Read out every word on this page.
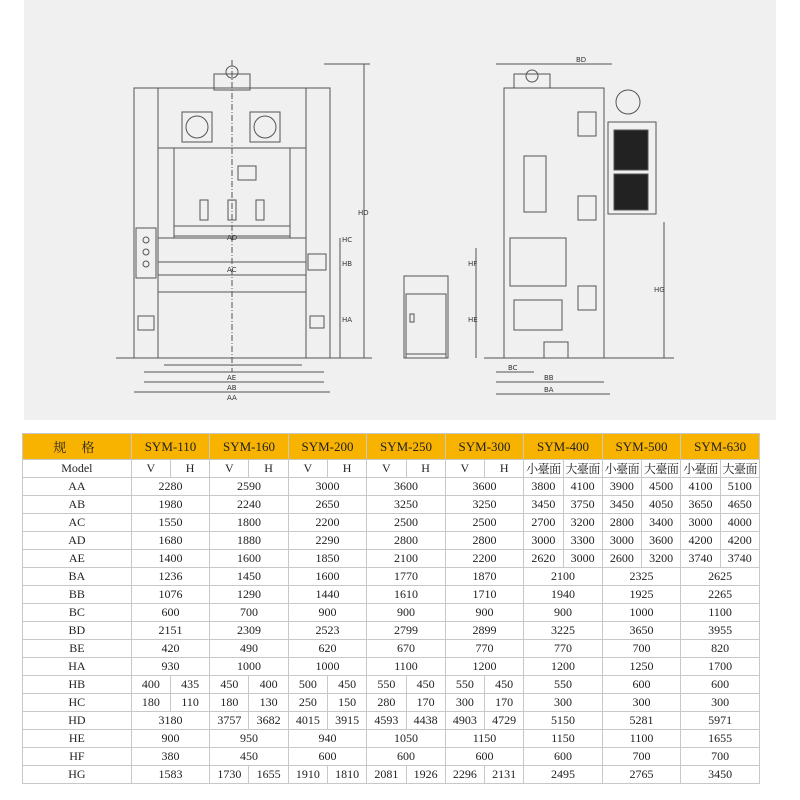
AA
AB
AE
AC
AD
HD
HC
HB
HA
BD
BC
BB
BA
HF
HE
HG
规 格	SYM-110		SYM-160		SYM-200		SYM-250		SYM-300		SYM-400		SYM-500		SYM-630	
Model	V	H	V	H	V	H	V	H	V	H	小臺面	大臺面	小臺面	大臺面	小臺面	大臺面
AA	2280		2590		3000		3600		3600		3800	4100	3900	4500	4100	5100
AB	1980		2240		2650		3250		3250		3450	3750	3450	4050	3650	4650
AC	1550		1800		2200		2500		2500		2700	3200	2800	3400	3000	4000
AD	1680		1880		2290		2800		2800		3000	3300	3000	3600	4200	4200
AE	1400		1600		1850		2100		2200		2620	3000	2600	3200	3740	3740
BA	1236		1450		1600		1770		1870		2100		2325		2625	
BB	1076		1290		1440		1610		1710		1940		1925		2265	
BC	600		700		900		900		900		900		1000		1100	
BD	2151		2309		2523		2799		2899		3225		3650		3955	
BE	420		490		620		670		770		770		700		820	
HA	930		1000		1000		1100		1200		1200		1250		1700	
HB	400	435	450	400	500	450	550	450	550	450	550		600		600	
HC	180	110	180	130	250	150	280	170	300	170	300		300		300	
HD	3180		3757	3682	4015	3915	4593	4438	4903	4729	5150		5281		5971	
HE	900		950		940		1050		1150		1150		1100		1655	
HF	380		450		600		600		600		600		700		700	
HG	1583		1730	1655	1910	1810	2081	1926	2296	2131	2495		2765		3450	
